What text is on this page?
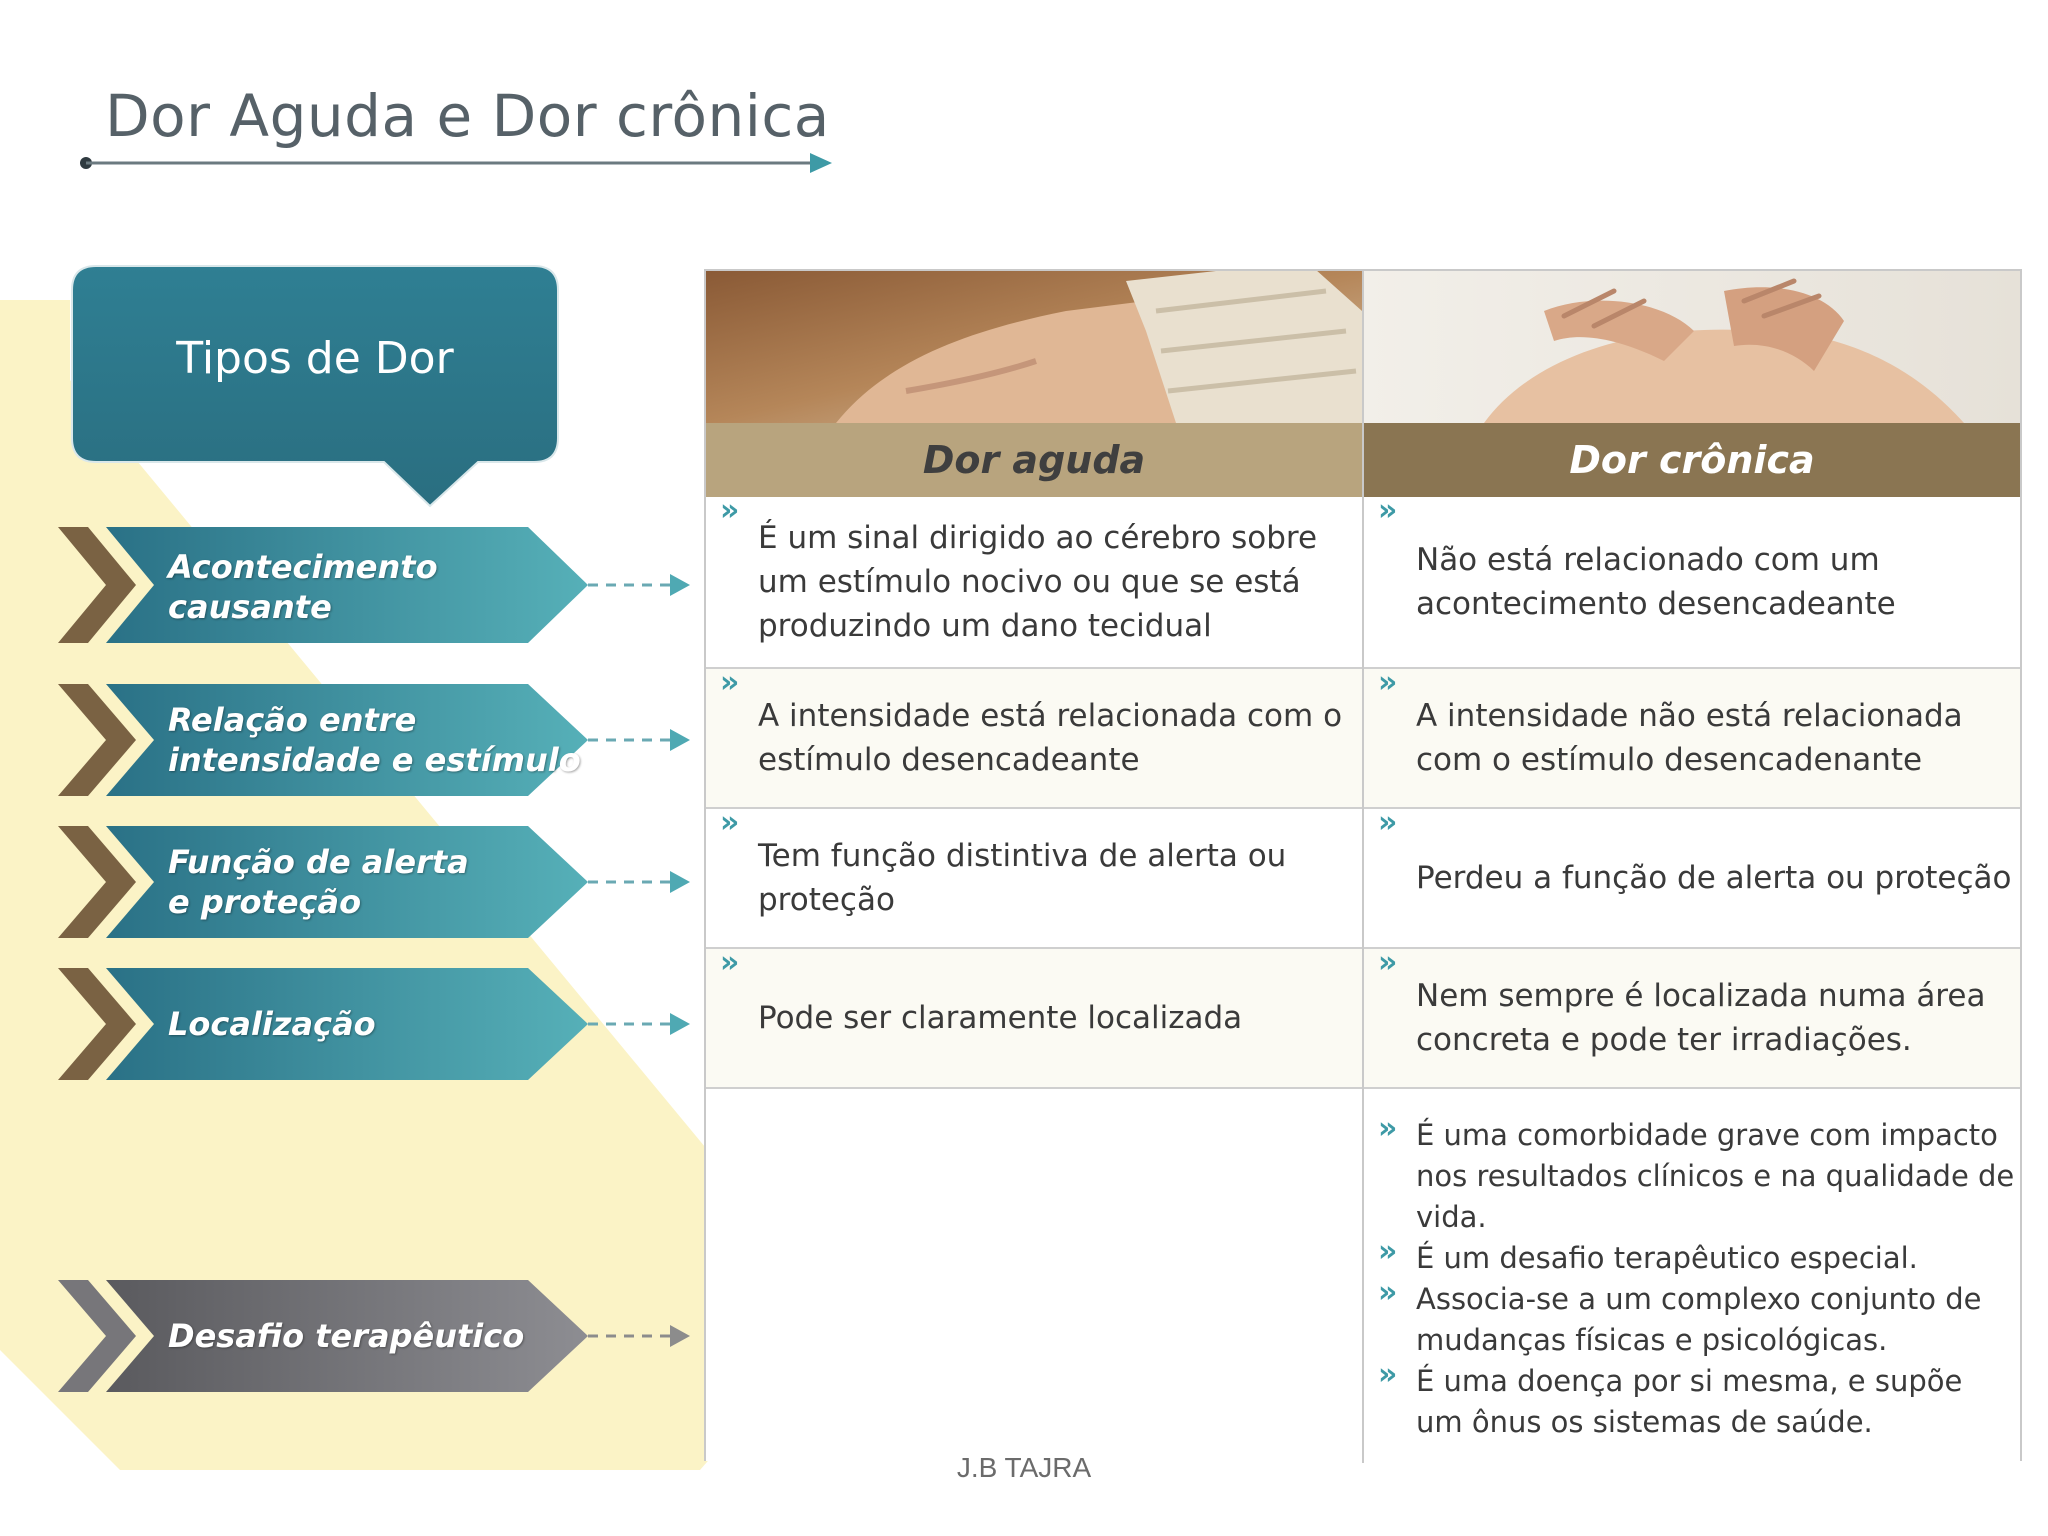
Dor Aguda e Dor crônica
Tipos de Dor
Acontecimento
causante
Relação entre
intensidade e estímulo
Função de alerta
e proteção
Localização
Desafio terapêutico
Dor aguda	Dor crônica
»
É um sinal dirigido ao cérebro sobre um estímulo nocivo ou que se está produzindo um dano tecidual
»
Não está relacionado com um acontecimento desencadeante
»
A intensidade está relacionada com o estímulo desencadeante
»
A intensidade não está relacionada com o estímulo desencadenante
»
Tem função distintiva de alerta ou proteção
»
Perdeu a função de alerta ou proteção
»
Pode ser claramente localizada
»
Nem sempre é localizada numa área concreta e pode ter irradiações.
» É uma comorbidade grave com impacto nos resultados clínicos e na qualidade de vida.
» É um desafio terapêutico especial.
» Associa-se a um complexo conjunto de mudanças físicas e psicológicas.
» É uma doença por si mesma, e supõe um ônus os sistemas de saúde.
J.B TAJRA
